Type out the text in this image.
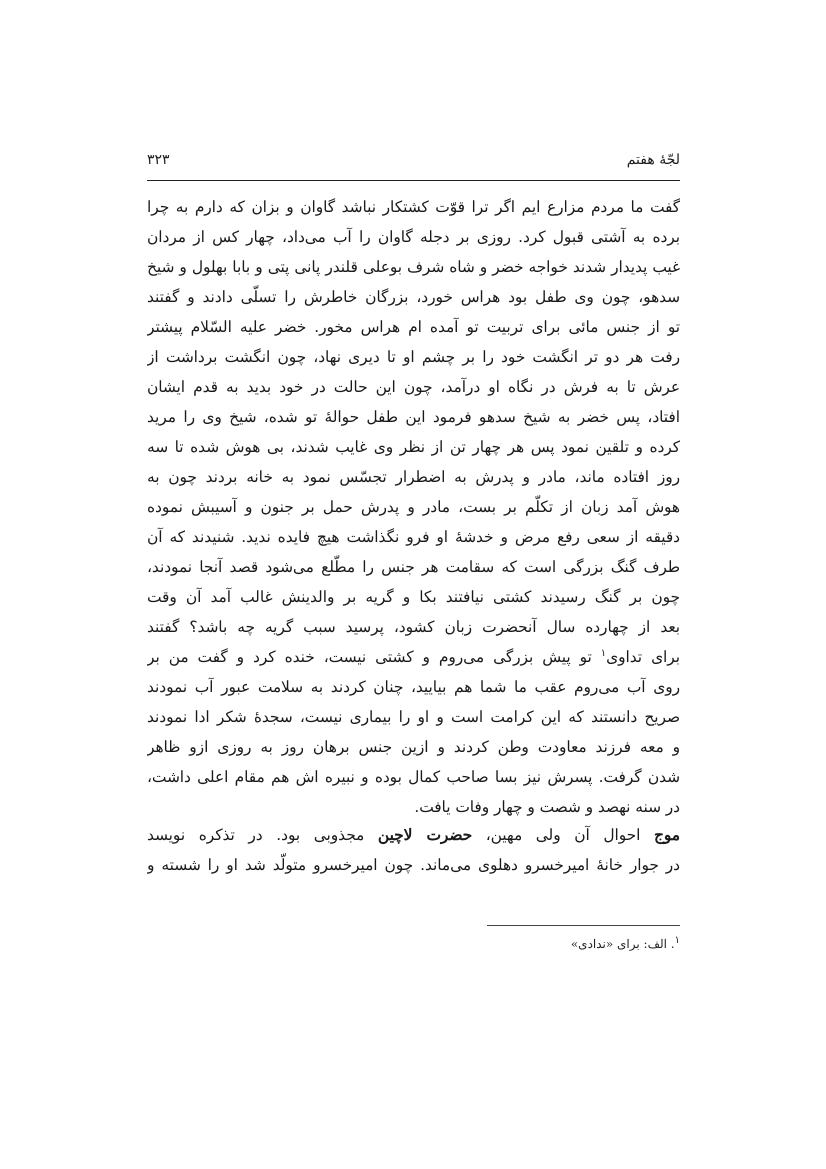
لجّهٔ هفتم
۳۲۳
گفت ما مردم مزارع ایم اگر ترا قوّت کشتکار نباشد گاوان و بزان که دارم به چرا
برده به آشتی قبول کرد. روزی بر دجله گاوان را آب می‌داد، چهار کس از مردان
غیب پدیدار شدند خواجه خضر و شاه شرف بوعلی قلندر پانی پتی و بابا بهلول و شیخ
سدهو، چون وی طفل بود هراس خورد، بزرگان خاطرش را تسلّی دادند و گفتند
تو از جنس مائی برای تربیت تو آمده ام هراس مخور. خضر علیه السّلام پیشتر
رفت هر دو تر انگشت خود را بر چشم او تا دیری نهاد، چون انگشت برداشت از
عرش تا به فرش در نگاه او درآمد، چون این حالت در خود بدید به قدم ایشان
افتاد، پس خضر به شیخ سدهو فرمود این طفل حوالهٔ تو شده، شیخ وی را مرید
کرده و تلقین نمود پس هر چهار تن از نظر وی غایب شدند، بی هوش شده تا سه
روز افتاده ماند، مادر و پدرش به اضطرار تجسّس نمود به خانه بردند چون به
هوش آمد زبان از تکلّم بر بست، مادر و پدرش حمل بر جنون و آسیبش نموده
دقیقه از سعی رفع مرض و خدشهٔ او فرو نگذاشت هیچ فایده ندید. شنیدند که آن
طرف گنگ بزرگی است که سقامت هر جنس را مطّلع می‌شود قصد آنجا نمودند،
چون بر گنگ رسیدند کشتی نیافتند بکا و گریه بر والدینش غالب آمد آن وقت
بعد از چهارده سال آنحضرت زبان کشود، پرسید سبب گریه چه باشد؟ گفتند
برای تداوی$^۱$ تو پیش بزرگی می‌روم و کشتی نیست، خنده کرد و گفت من بر
روی آب می‌روم عقب ما شما هم بیایید، چنان کردند به سلامت عبور آب نمودند
صریح دانستند که این کرامت است و او را بیماری نیست، سجدهٔ شکر ادا نمودند
و معه فرزند معاودت وطن کردند و ازین جنس برهان روز به روزی ازو ظاهر
شدن گرفت. پسرش نیز بسا صاحب کمال بوده و نبیره اش هم مقام اعلی داشت،
در سنه نهصد و شصت و چهار وفات یافت.
موج احوال آن ولی مهین، حضرت لاچین مجذوبی بود. در تذکره نویسد
در جوار خانهٔ امیرخسرو دهلوی می‌ماند. چون امیرخسرو متولّد شد او را شسته و
$^۱$. الف: برای «ندادی»
